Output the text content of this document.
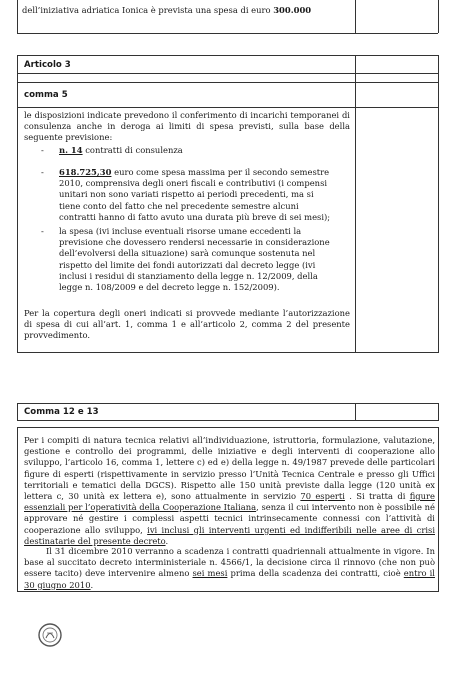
dell’iniziativa adriatica Ionica è prevista una spesa di euro 300.000
Articolo 3
comma 5
le disposizioni indicate prevedono il conferimento di incarichi temporanei di consulenza anche in deroga ai limiti di spesa previsti, sulla base della seguente previsione:
- n. 14 contratti di consulenza
- 618.725,30 euro come spesa massima per il secondo semestre
2010, comprensiva degli oneri fiscali e contributivi (i compensi
unitari non sono variati rispetto ai periodi precedenti, ma si
tiene conto del fatto che nel precedente semestre alcuni
contratti hanno di fatto avuto una durata più breve di sei mesi);
- la spesa (ivi incluse eventuali risorse umane eccedenti la
previsione che dovessero rendersi necessarie in considerazione
dell’evolversi della situazione) sarà comunque sostenuta nel
rispetto del limite dei fondi autorizzati dal decreto legge (ivi
inclusi i residui di stanziamento della legge n. 12/2009, della
legge n. 108/2009 e del decreto legge n. 152/2009).
Per la copertura degli oneri indicati si provvede mediante l’autorizzazione di spesa di cui all’art. 1, comma 1 e all’articolo 2, comma 2 del presente provvedimento.
Comma 12 e 13
Per i compiti di natura tecnica relativi all’individuazione, istruttoria, formulazione, valutazione, gestione e controllo dei programmi, delle iniziative e degli interventi di cooperazione allo sviluppo, l’articolo 16, comma 1, lettere c) ed e) della legge n. 49/1987 prevede delle particolari figure di esperti (rispettivamente in servizio presso l’Unità Tecnica Centrale e presso gli Uffici territoriali e tematici della DGCS). Rispetto alle 150 unità previste dalla legge (120 unità ex lettera c, 30 unità ex lettera e), sono attualmente in servizio 70 esperti . Si tratta di figure essenziali per l’operatività della Cooperazione Italiana, senza il cui intervento non è possibile né approvare né gestire i complessi aspetti tecnici intrinsecamente connessi con l’attività di cooperazione allo sviluppo, ivi inclusi gli interventi urgenti ed indifferibili nelle aree di crisi destinatarie del presente decreto.
Il 31 dicembre 2010 verranno a scadenza i contratti quadriennali attualmente in vigore. In base al succitato decreto interministeriale n. 4566/1, la decisione circa il rinnovo (che non può essere tacito) deve intervenire almeno sei mesi prima della scadenza dei contratti, cioè entro il 30 giugno 2010.
